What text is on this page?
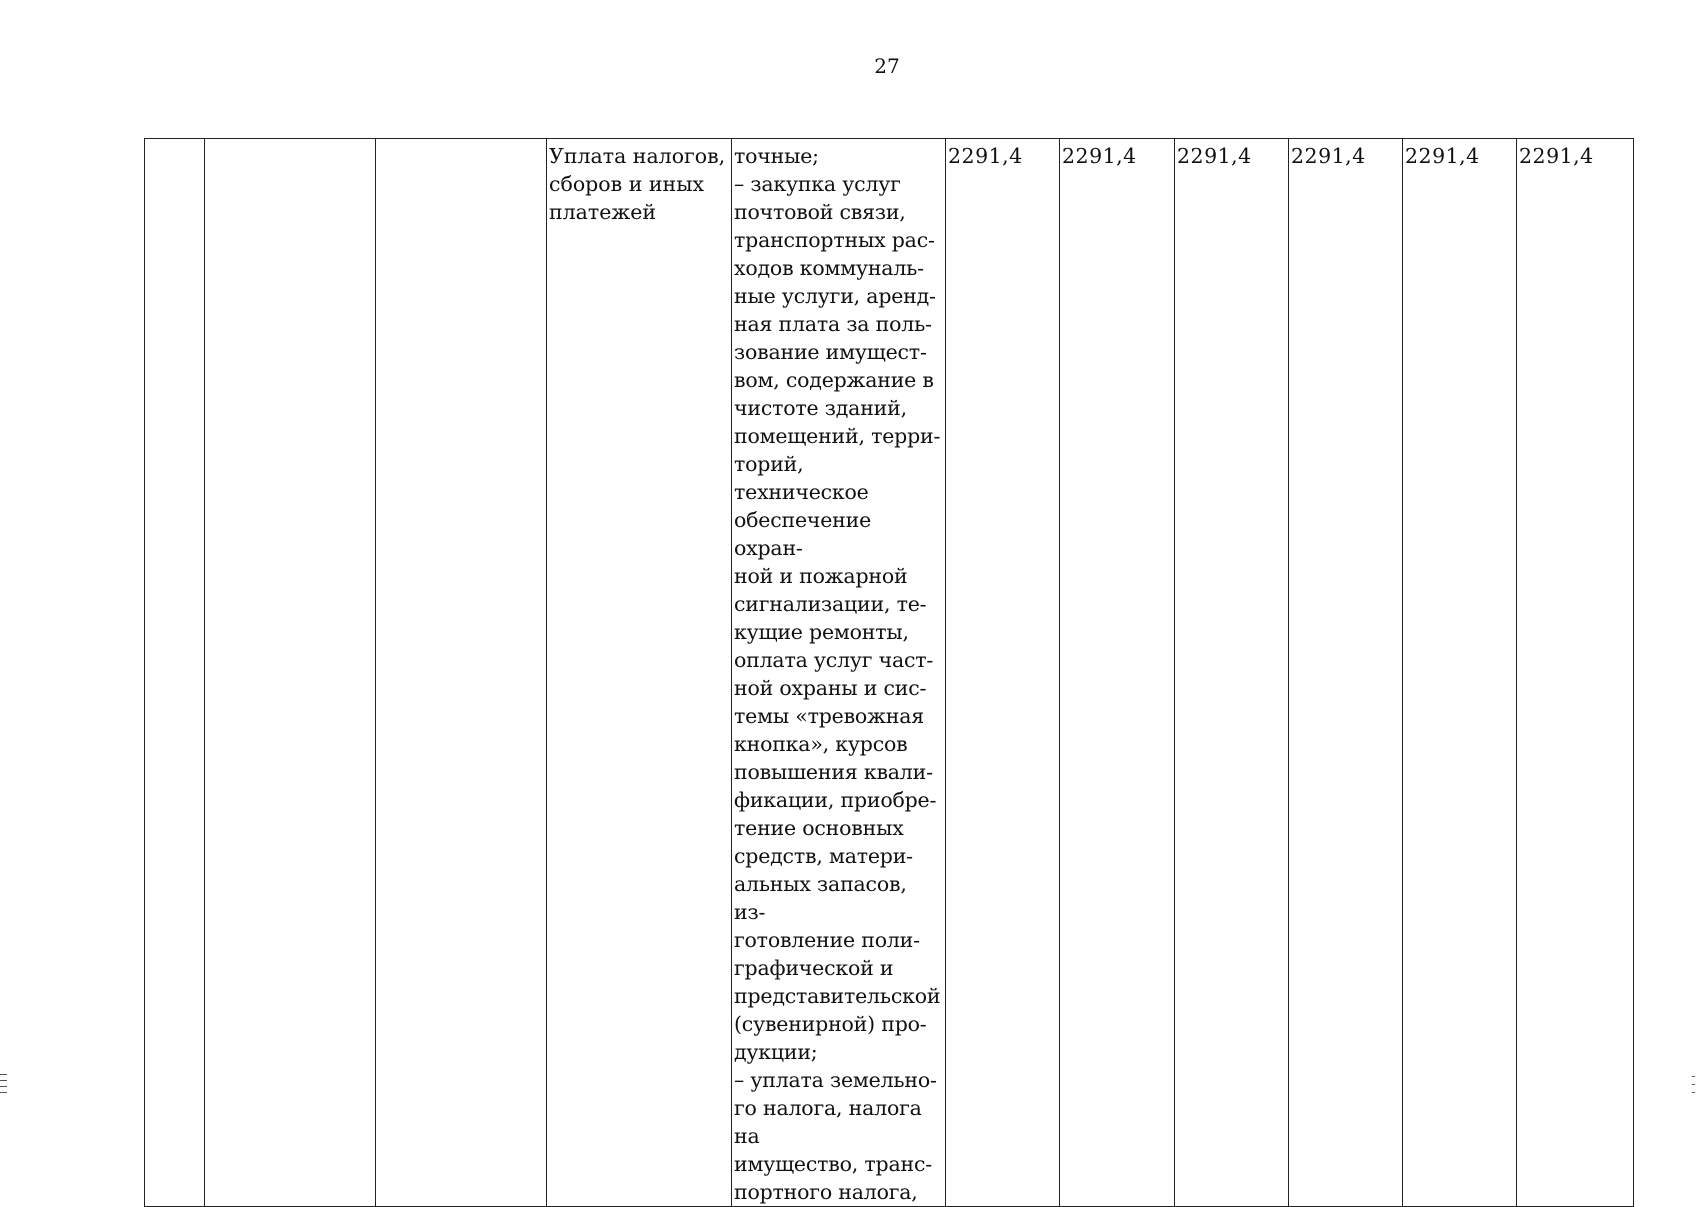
27
			Уплата налогов,
сборов и иных
платежей	точные;
– закупка услуг
почтовой связи,
транспортных рас-
ходов коммуналь-
ные услуги, аренд-
ная плата за поль-
зование имущест-
вом, содержание в
чистоте зданий,
помещений, терри-
торий, техническое
обеспечение охран-
ной и пожарной
сигнализации, те-
кущие ремонты,
оплата услуг част-
ной охраны и сис-
темы «тревожная
кнопка», курсов
повышения квали-
фикации, приобре-
тение основных
средств, матери-
альных запасов, из-
готовление поли-
графической и
представительской
(сувенирной) про-
дукции;
– уплата земельно-
го налога, налога на
имущество, транс-
портного налога,	2291,4	2291,4	2291,4	2291,4	2291,4	2291,4
